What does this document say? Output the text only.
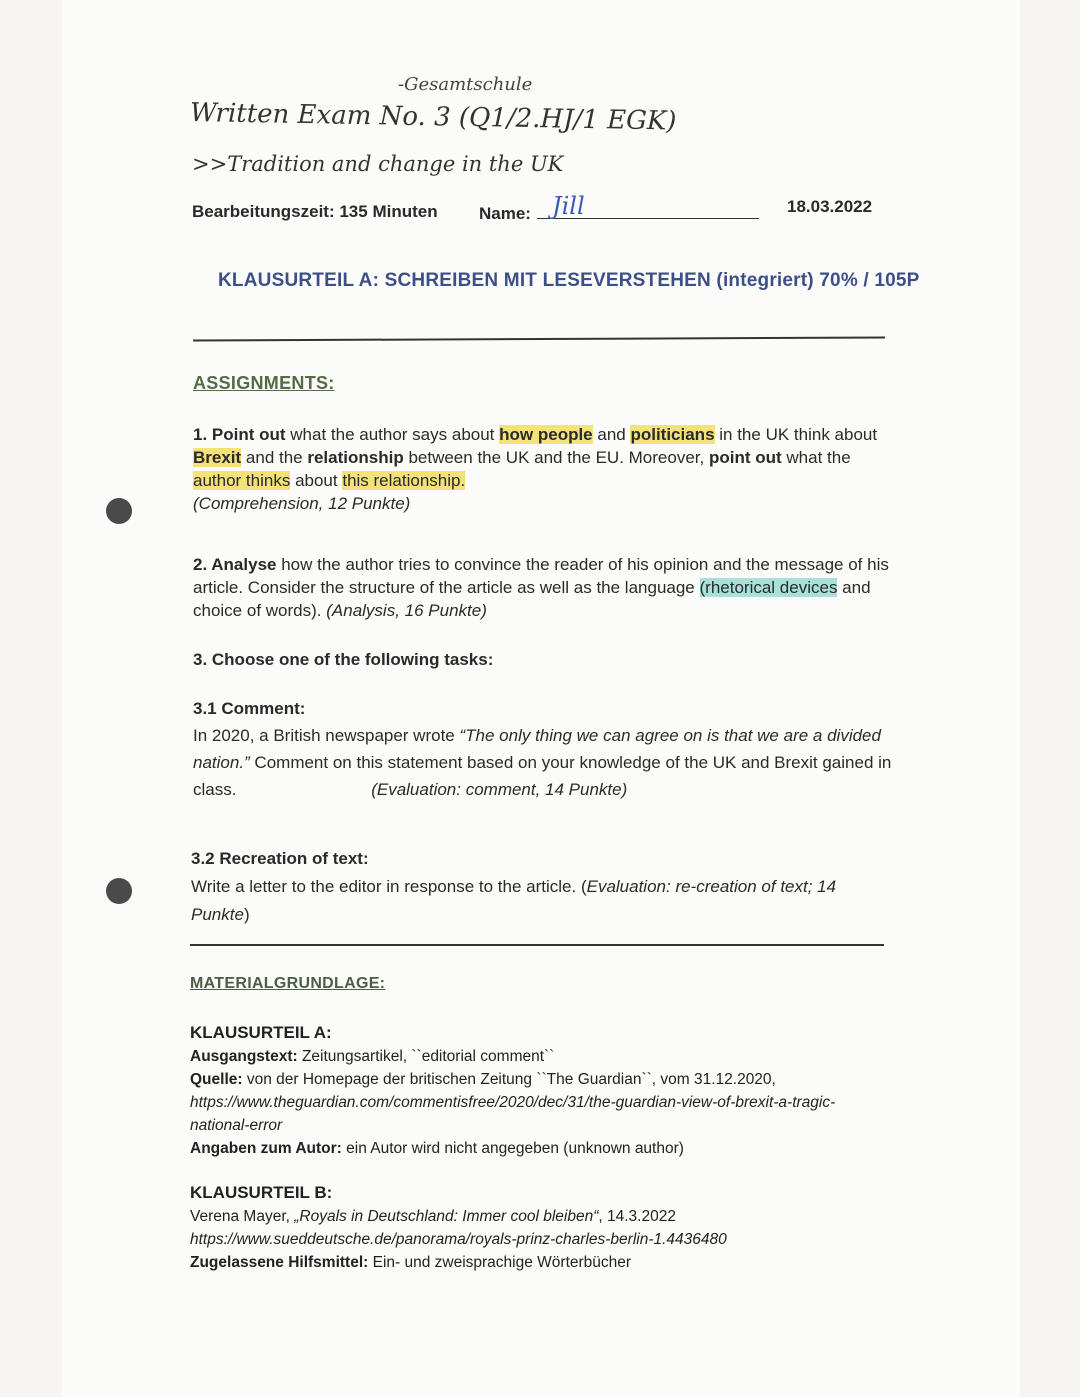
-Gesamtschule
Written Exam No. 3 (Q1/2.HJ/1 EGK)
>>Tradition and change in the UK
Bearbeitungszeit: 135 Minuten Name: Jill	18.03.2022
KLAUSURTEIL A: SCHREIBEN MIT LESEVERSTEHEN (integriert) 70% / 105P
ASSIGNMENTS:
1. Point out what the author says about how people and politicians in the UK think about Brexit and the relationship between the UK and the EU. Moreover, point out what the author thinks about this relationship.
(Comprehension, 12 Punkte)
2. Analyse how the author tries to convince the reader of his opinion and the message of his article. Consider the structure of the article as well as the language (rhetorical devices and choice of words). (Analysis, 16 Punkte)
3. Choose one of the following tasks:
3.1 Comment:
In 2020, a British newspaper wrote “The only thing we can agree on is that we are a divided nation.” Comment on this statement based on your knowledge of the UK and Brexit gained in class.	(Evaluation: comment, 14 Punkte)
3.2 Recreation of text:
Write a letter to the editor in response to the article. (Evaluation: re-creation of text; 14
Punkte)
MATERIALGRUNDLAGE:
KLAUSURTEIL A:
Ausgangstext: Zeitungsartikel, ``editorial comment``
Quelle: von der Homepage der britischen Zeitung ``The Guardian``, vom 31.12.2020,

https://www.theguardian.com/commentisfree/2020/dec/31/the-guardian-view-of-brexit-a-tragic-national-error
Angaben zum Autor: ein Autor wird nicht angegeben (unknown author)
KLAUSURTEIL B:
Verena Mayer, „Royals in Deutschland: Immer cool bleiben“, 14.3.2022
https://www.sueddeutsche.de/panorama/royals-prinz-charles-berlin-1.4436480
Zugelassene Hilfsmittel: Ein- und zweisprachige Wörterbücher
